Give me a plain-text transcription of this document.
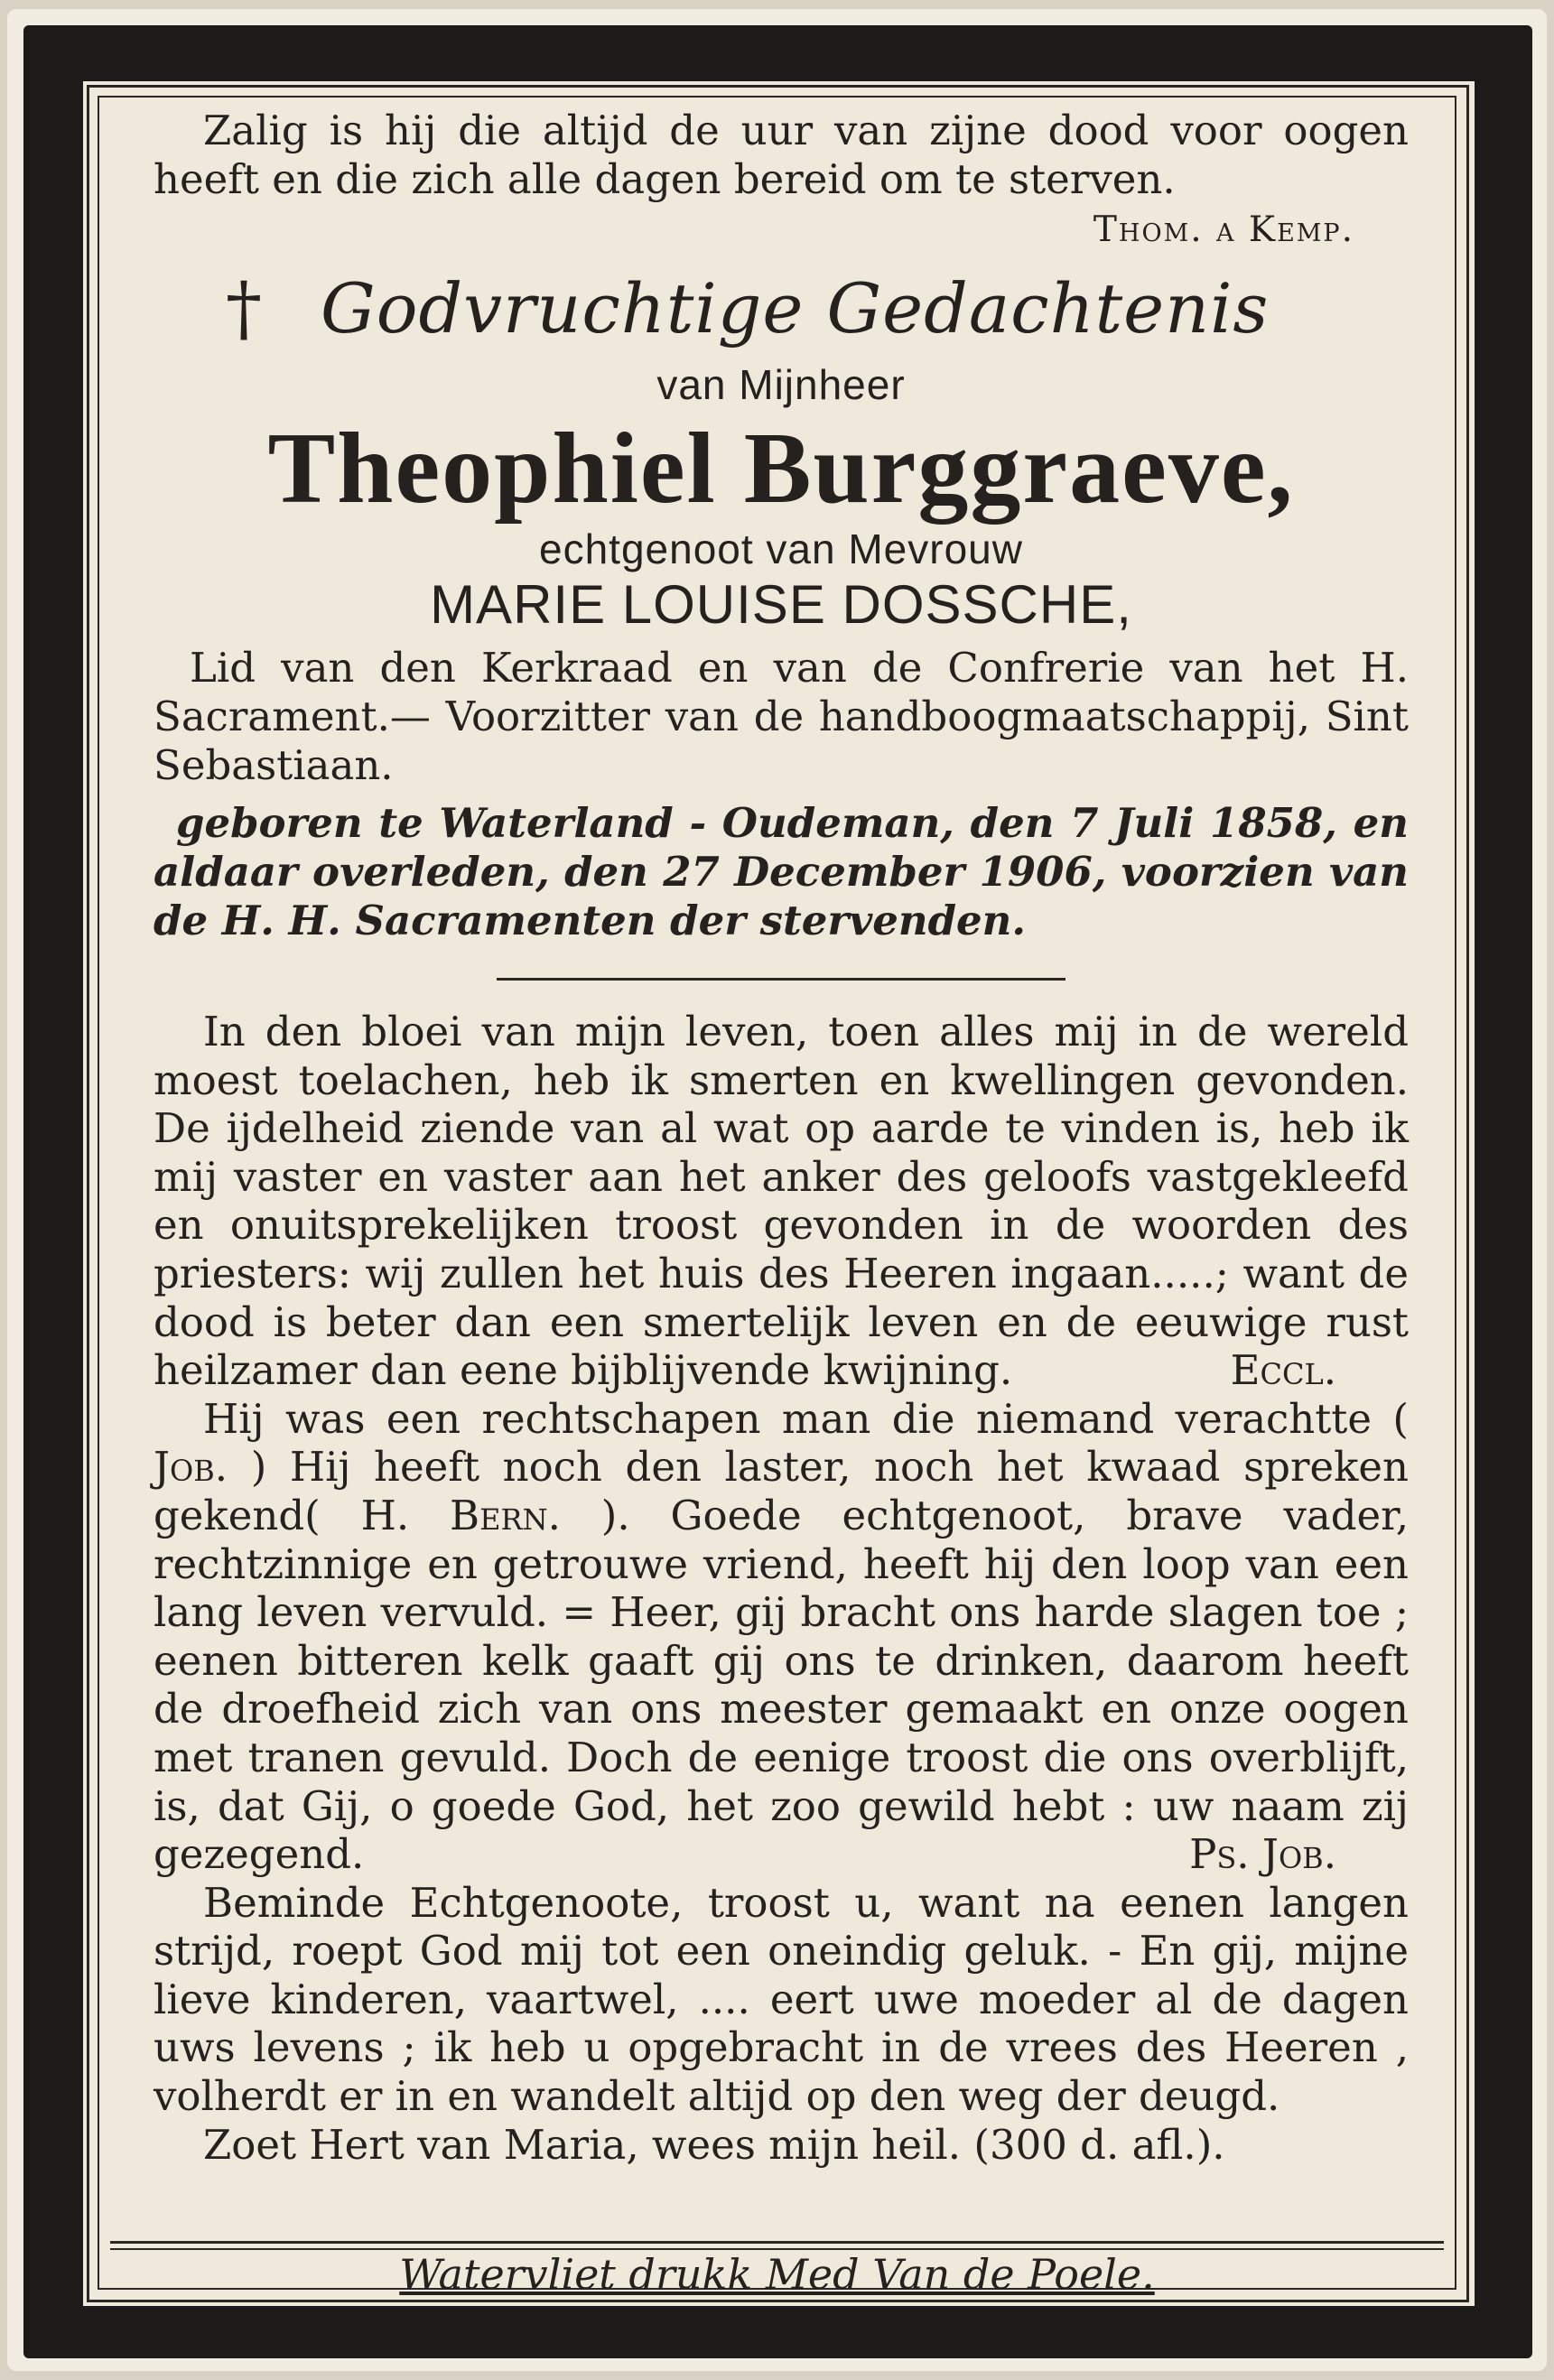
Zalig is hij die altijd de uur van zijne dood voor oogen heeft en die zich alle dagen bereid om te sterven.

Thom. a Kemp.
† Godvruchtige Gedachtenis
van Mijnheer
Theophiel Burggraeve,
echtgenoot van Mevrouw
MARIE LOUISE DOSSCHE,

Lid van den Kerkraad en van de Confrerie van het H. Sacrament.— Voorzitter van de handboogmaatschappij, Sint Sebastiaan.

geboren te Waterland - Oudeman, den 7 Juli 1858, en aldaar overleden, den 27 December 1906, voorzien van de H. H. Sacramenten der stervenden.

In den bloei van mijn leven, toen alles mij in de wereld moest toelachen, heb ik smerten en kwellingen gevonden. De ijdelheid ziende van al wat op aarde te vinden is, heb ik mij vaster en vaster aan het anker des geloofs vastgekleefd en onuitsprekelijken troost gevonden in de woorden des priesters: wij zullen het huis des Heeren ingaan.....; want de dood is beter dan een smertelijk leven en de eeuwige rust heilzamer dan eene bijblijvende kwijning.	Eccl.

Hij was een rechtschapen man die niemand verachtte ( Job. ) Hij heeft noch den laster, noch het kwaad spreken gekend( H. Bern. ). Goede echtgenoot, brave vader, rechtzinnige en getrouwe vriend, heeft hij den loop van een lang leven vervuld. = Heer, gij bracht ons harde slagen toe ; eenen bitteren kelk gaaft gij ons te drinken, daarom heeft de droefheid zich van ons meester gemaakt en onze oogen met tranen gevuld. Doch de eenige troost die ons overblijft, is, dat Gij, o goede God, het zoo gewild hebt : uw naam zij gezegend.	Ps. Job.

Beminde Echtgenoote, troost u, want na eenen langen strijd, roept God mij tot een oneindig geluk. - En gij, mijne lieve kinderen, vaartwel, .... eert uwe moeder al de dagen uws levens ; ik heb u opgebracht in de vrees des Heeren , volherdt er in en wandelt altijd op den weg der deugd.

Zoet Hert van Maria, wees mijn heil. (300 d. afl.).

Watervliet drukk Med Van de Poele.
